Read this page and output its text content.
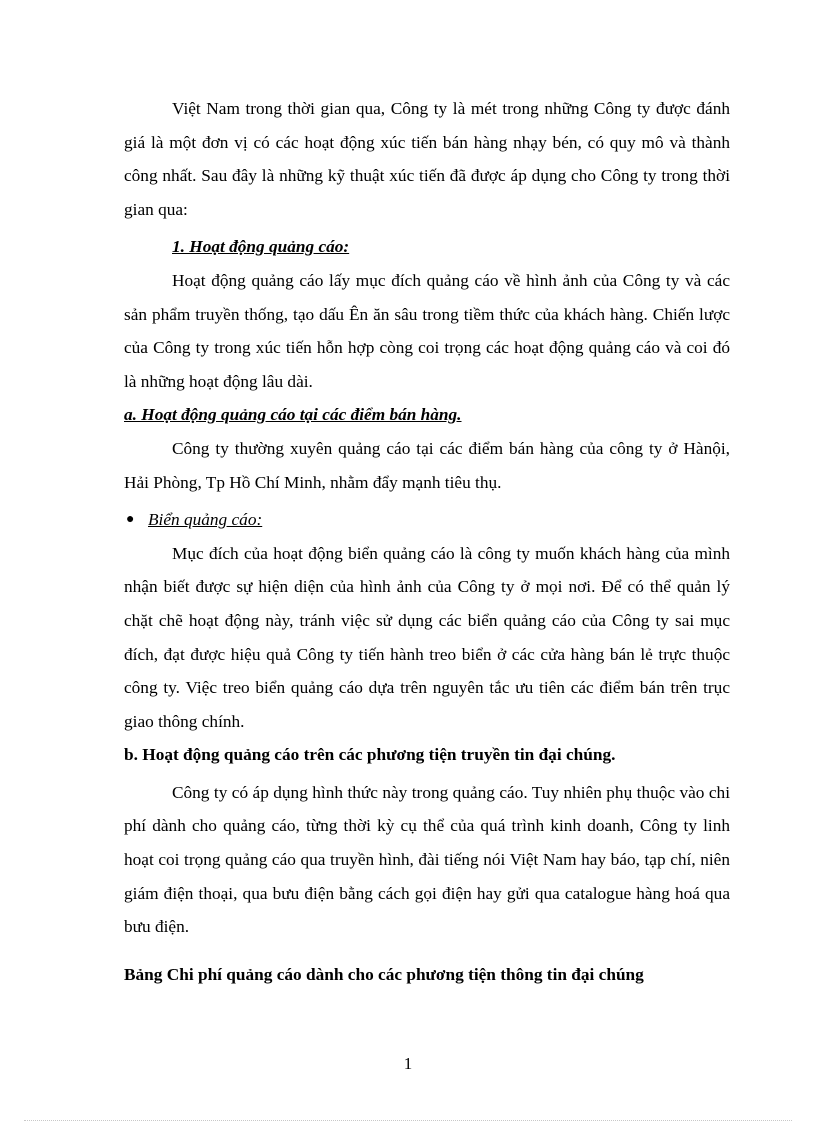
Việt Nam trong thời gian qua, Công ty là mét trong những Công ty được đánh giá là một đơn vị có các hoạt động xúc tiến bán hàng nhạy bén, có quy mô và thành công nhất. Sau đây là những kỹ thuật xúc tiến đã được áp dụng cho Công ty trong thời gian qua:

1. Hoạt động quảng cáo:

Hoạt động quảng cáo lấy mục đích quảng cáo về hình ảnh của Công ty và các sản phẩm truyền thống, tạo dấu Ên ăn sâu trong tiềm thức của khách hàng. Chiến lược của Công ty trong xúc tiến hỗn hợp còng coi trọng các hoạt động quảng cáo và coi đó là những hoạt động lâu dài.

a. Hoạt động quảng cáo tại các điểm bán hàng.

Công ty thường xuyên quảng cáo tại các điểm bán hàng của công ty ở Hànội, Hải Phòng, Tp Hồ Chí Minh, nhằm đẩy mạnh tiêu thụ.

● Biển quảng cáo:

Mục đích của hoạt động biển quảng cáo là công ty muốn khách hàng của mình nhận biết được sự hiện diện của hình ảnh của Công ty ở mọi nơi. Để có thể quản lý chặt chẽ hoạt động này, tránh việc sử dụng các biển quảng cáo của Công ty sai mục đích, đạt được hiệu quả Công ty tiến hành treo biển ở các cửa hàng bán lẻ trực thuộc công ty. Việc treo biển quảng cáo dựa trên nguyên tắc ưu tiên các điểm bán trên trục giao thông chính.

b. Hoạt động quảng cáo trên các phương tiện truyền tin đại chúng.

Công ty có áp dụng hình thức này trong quảng cáo. Tuy nhiên phụ thuộc vào chi phí dành cho quảng cáo, từng thời kỳ cụ thể của quá trình kinh doanh, Công ty linh hoạt coi trọng quảng cáo qua truyền hình, đài tiếng nói Việt Nam hay báo, tạp chí, niên giám điện thoại, qua bưu điện bằng cách gọi điện hay gửi qua catalogue hàng hoá qua bưu điện.

Bảng Chi phí quảng cáo dành cho các phương tiện thông tin đại chúng

1
